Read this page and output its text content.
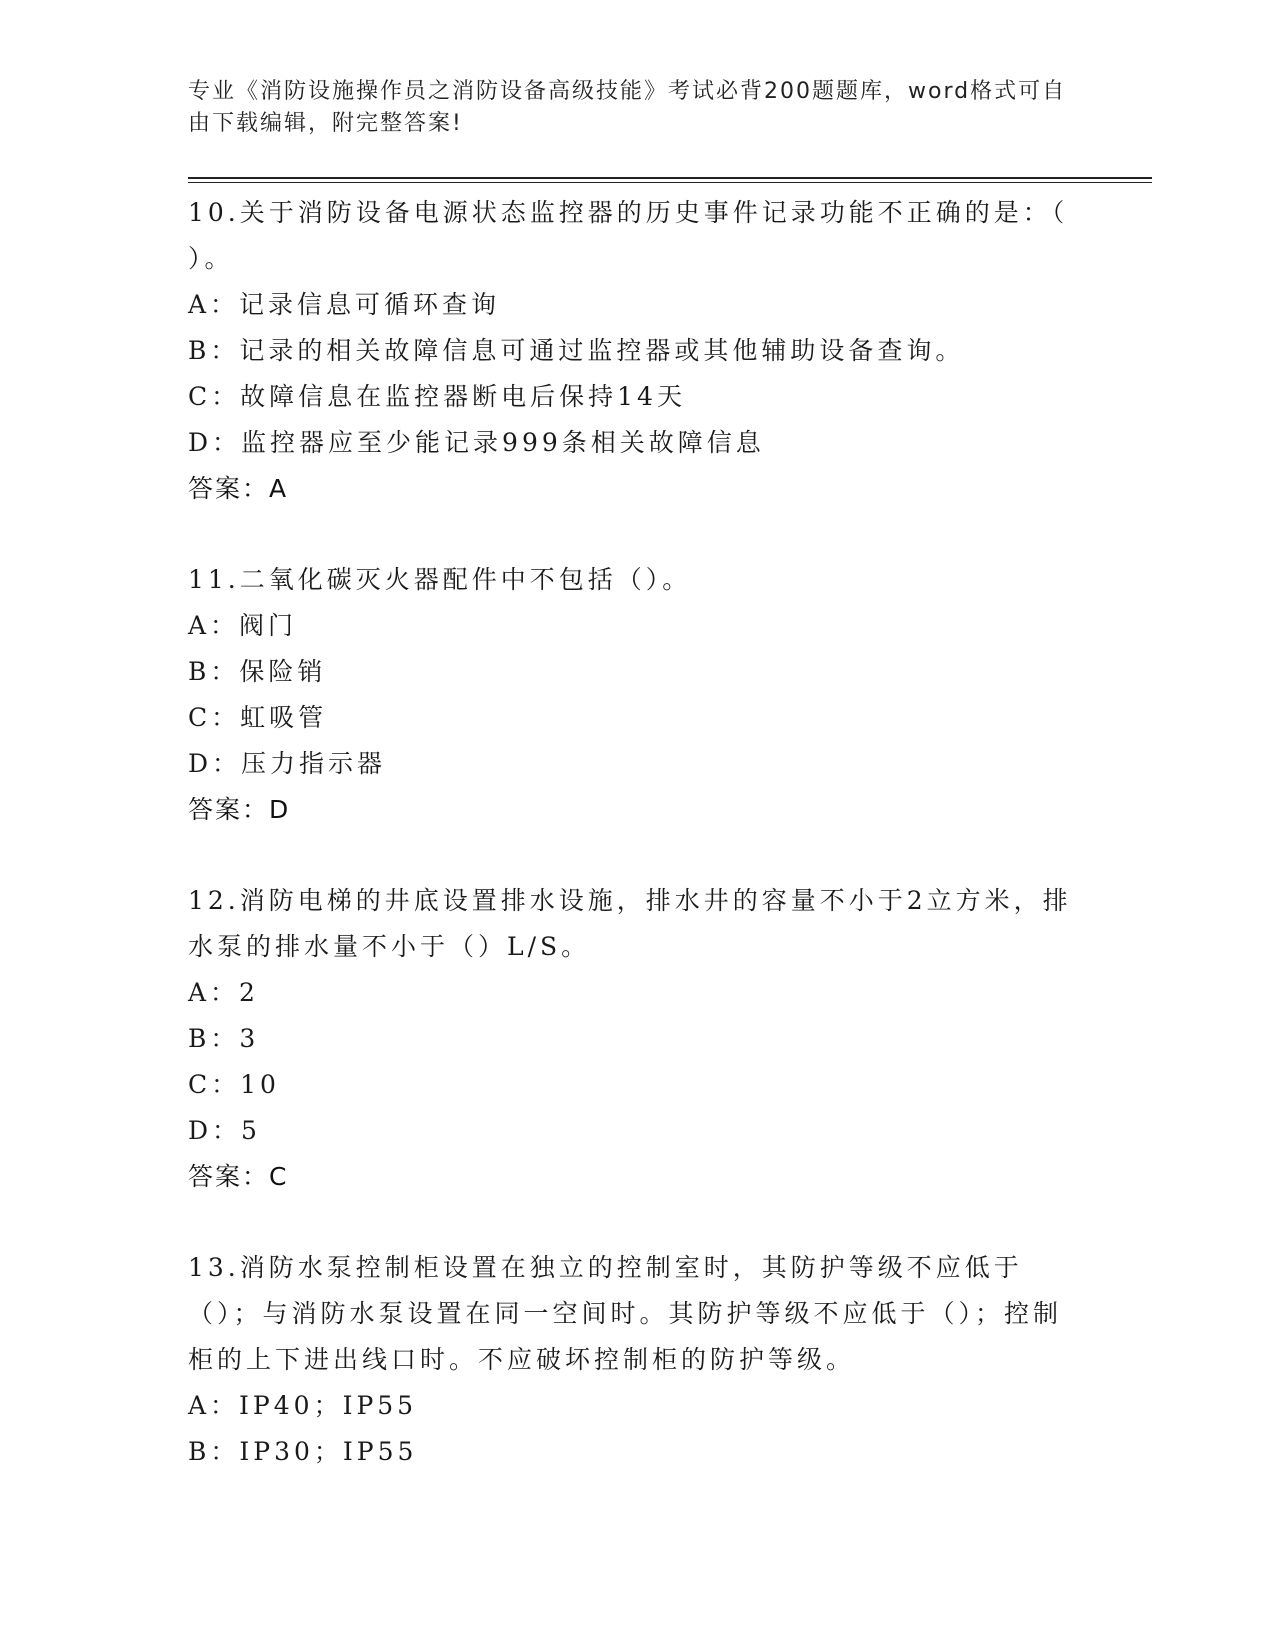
专业《消防设施操作员之消防设备高级技能》考试必背200题题库，word格式可自由下载编辑，附完整答案!

10.关于消防设备电源状态监控器的历史事件记录功能不正确的是：（ ）。

A：记录信息可循环查询

B：记录的相关故障信息可通过监控器或其他辅助设备查询。

C：故障信息在监控器断电后保持14天

D：监控器应至少能记录999条相关故障信息

答案：A

11.二氧化碳灭火器配件中不包括（）。

A：阀门

B：保险销

C：虹吸管

D：压力指示器

答案：D

12.消防电梯的井底设置排水设施，排水井的容量不小于2立方米，排水泵的排水量不小于（）L/S。

A：2

B：3

C：10

D：5

答案：C

13.消防水泵控制柜设置在独立的控制室时，其防护等级不应低于（）；与消防水泵设置在同一空间时。其防护等级不应低于（）；控制柜的上下进出线口时。不应破坏控制柜的防护等级。

A：IP40；IP55

B：IP30；IP55
